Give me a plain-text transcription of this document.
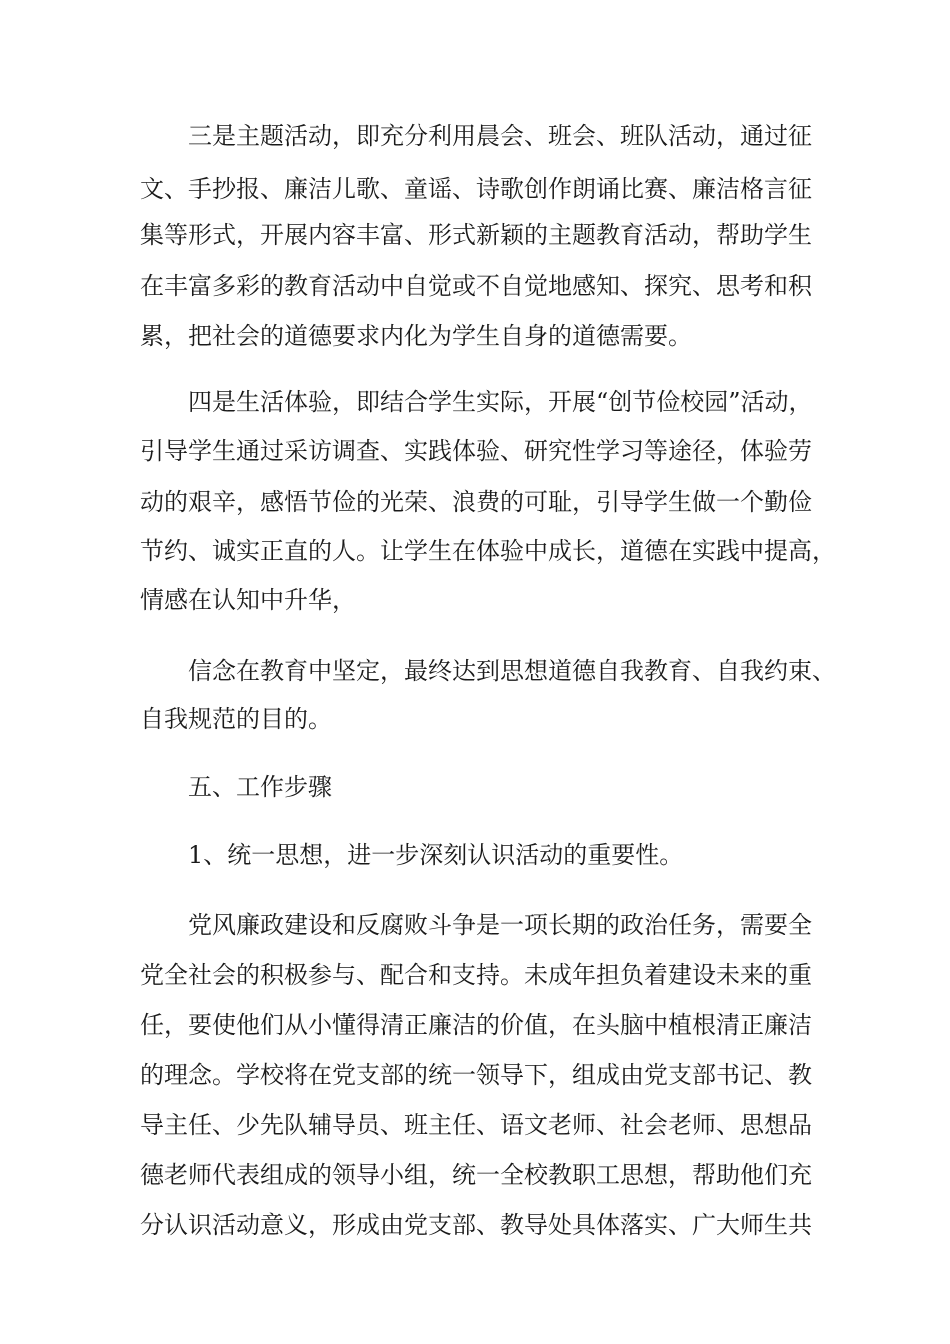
三是主题活动，即充分利用晨会、班会、班队活动，通过征

文、手抄报、廉洁儿歌、童谣、诗歌创作朗诵比赛、廉洁格言征

集等形式，开展内容丰富、形式新颖的主题教育活动，帮助学生

在丰富多彩的教育活动中自觉或不自觉地感知、探究、思考和积

累，把社会的道德要求内化为学生自身的道德需要。

四是生活体验，即结合学生实际，开展“创节俭校园”活动，

引导学生通过采访调查、实践体验、研究性学习等途径，体验劳

动的艰辛，感悟节俭的光荣、浪费的可耻，引导学生做一个勤俭

节约、诚实正直的人。让学生在体验中成长，道德在实践中提高，

情感在认知中升华，

信念在教育中坚定，最终达到思想道德自我教育、自我约束、

自我规范的目的。

五、工作步骤

1、统一思想，进一步深刻认识活动的重要性。

党风廉政建设和反腐败斗争是一项长期的政治任务，需要全

党全社会的积极参与、配合和支持。未成年担负着建设未来的重

任，要使他们从小懂得清正廉洁的价值，在头脑中植根清正廉洁

的理念。学校将在党支部的统一领导下，组成由党支部书记、教

导主任、少先队辅导员、班主任、语文老师、社会老师、思想品

德老师代表组成的领导小组，统一全校教职工思想，帮助他们充

分认识活动意义，形成由党支部、教导处具体落实、广大师生共
